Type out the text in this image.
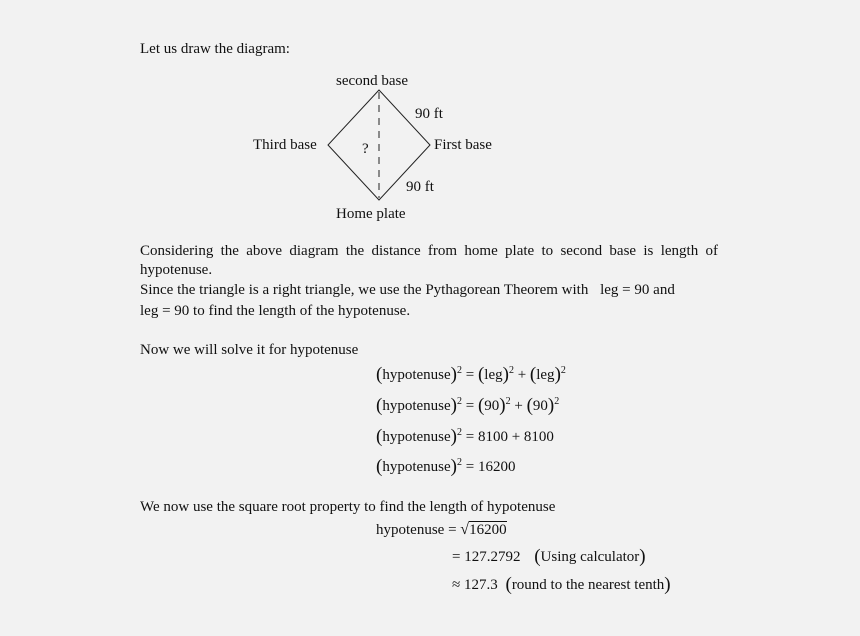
Let us draw the diagram:
second base
Third base	First base
Home plate
90 ft
90 ft
?
Considering the above diagram the distance from home plate to second base is length of hypotenuse.
Since the triangle is a right triangle, we use the Pythagorean Theorem with leg = 90 and
leg = 90 to find the length of the hypotenuse.
Now we will solve it for hypotenuse
(hypotenuse)$^2$ = (leg)$^2$ + (leg)$^2$
(hypotenuse)$^2$ = $(90)^2 + (90)^2$
(hypotenuse)$^2$ = 8100 + 8100
(hypotenuse)$^2$ = 16200
We now use the square root property to find the length of hypotenuse
hypotenuse = √16200
= 127.2792 (Using calculator)
≈ 127.3 (round to the nearest tenth)
